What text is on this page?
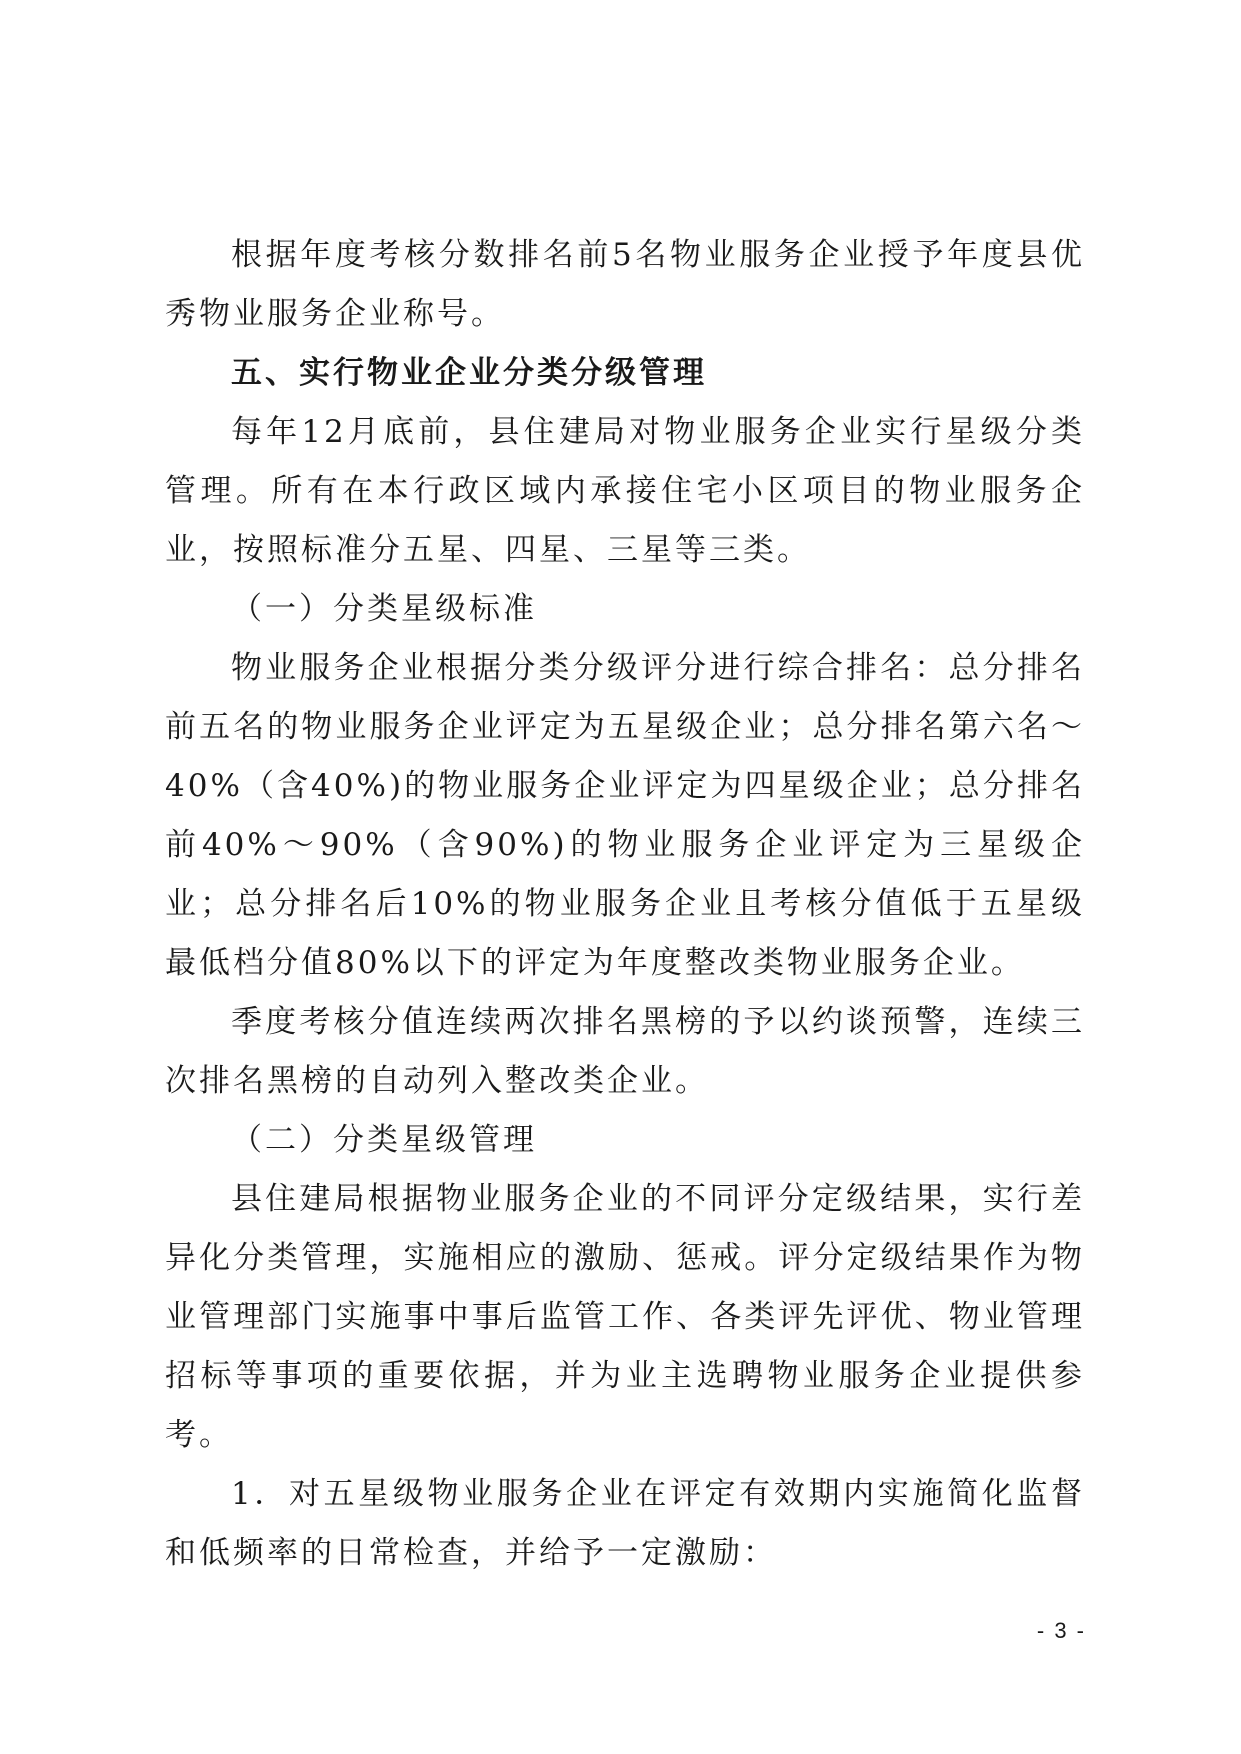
根据年度考核分数排名前5名物业服务企业授予年度县优秀物业服务企业称号。

五、实行物业企业分类分级管理

每年12月底前，县住建局对物业服务企业实行星级分类管理。所有在本行政区域内承接住宅小区项目的物业服务企业，按照标准分五星、四星、三星等三类。

（一）分类星级标准

物业服务企业根据分类分级评分进行综合排名：总分排名前五名的物业服务企业评定为五星级企业；总分排名第六名～40%（含40%)的物业服务企业评定为四星级企业；总分排名前40%～90%（含90%)的物业服务企业评定为三星级企业；总分排名后10%的物业服务企业且考核分值低于五星级最低档分值80%以下的评定为年度整改类物业服务企业。

季度考核分值连续两次排名黑榜的予以约谈预警，连续三次排名黑榜的自动列入整改类企业。

（二）分类星级管理

县住建局根据物业服务企业的不同评分定级结果，实行差异化分类管理，实施相应的激励、惩戒。评分定级结果作为物业管理部门实施事中事后监管工作、各类评先评优、物业管理招标等事项的重要依据，并为业主选聘物业服务企业提供参考。

1．对五星级物业服务企业在评定有效期内实施简化监督和低频率的日常检查，并给予一定激励：

- 3 -
